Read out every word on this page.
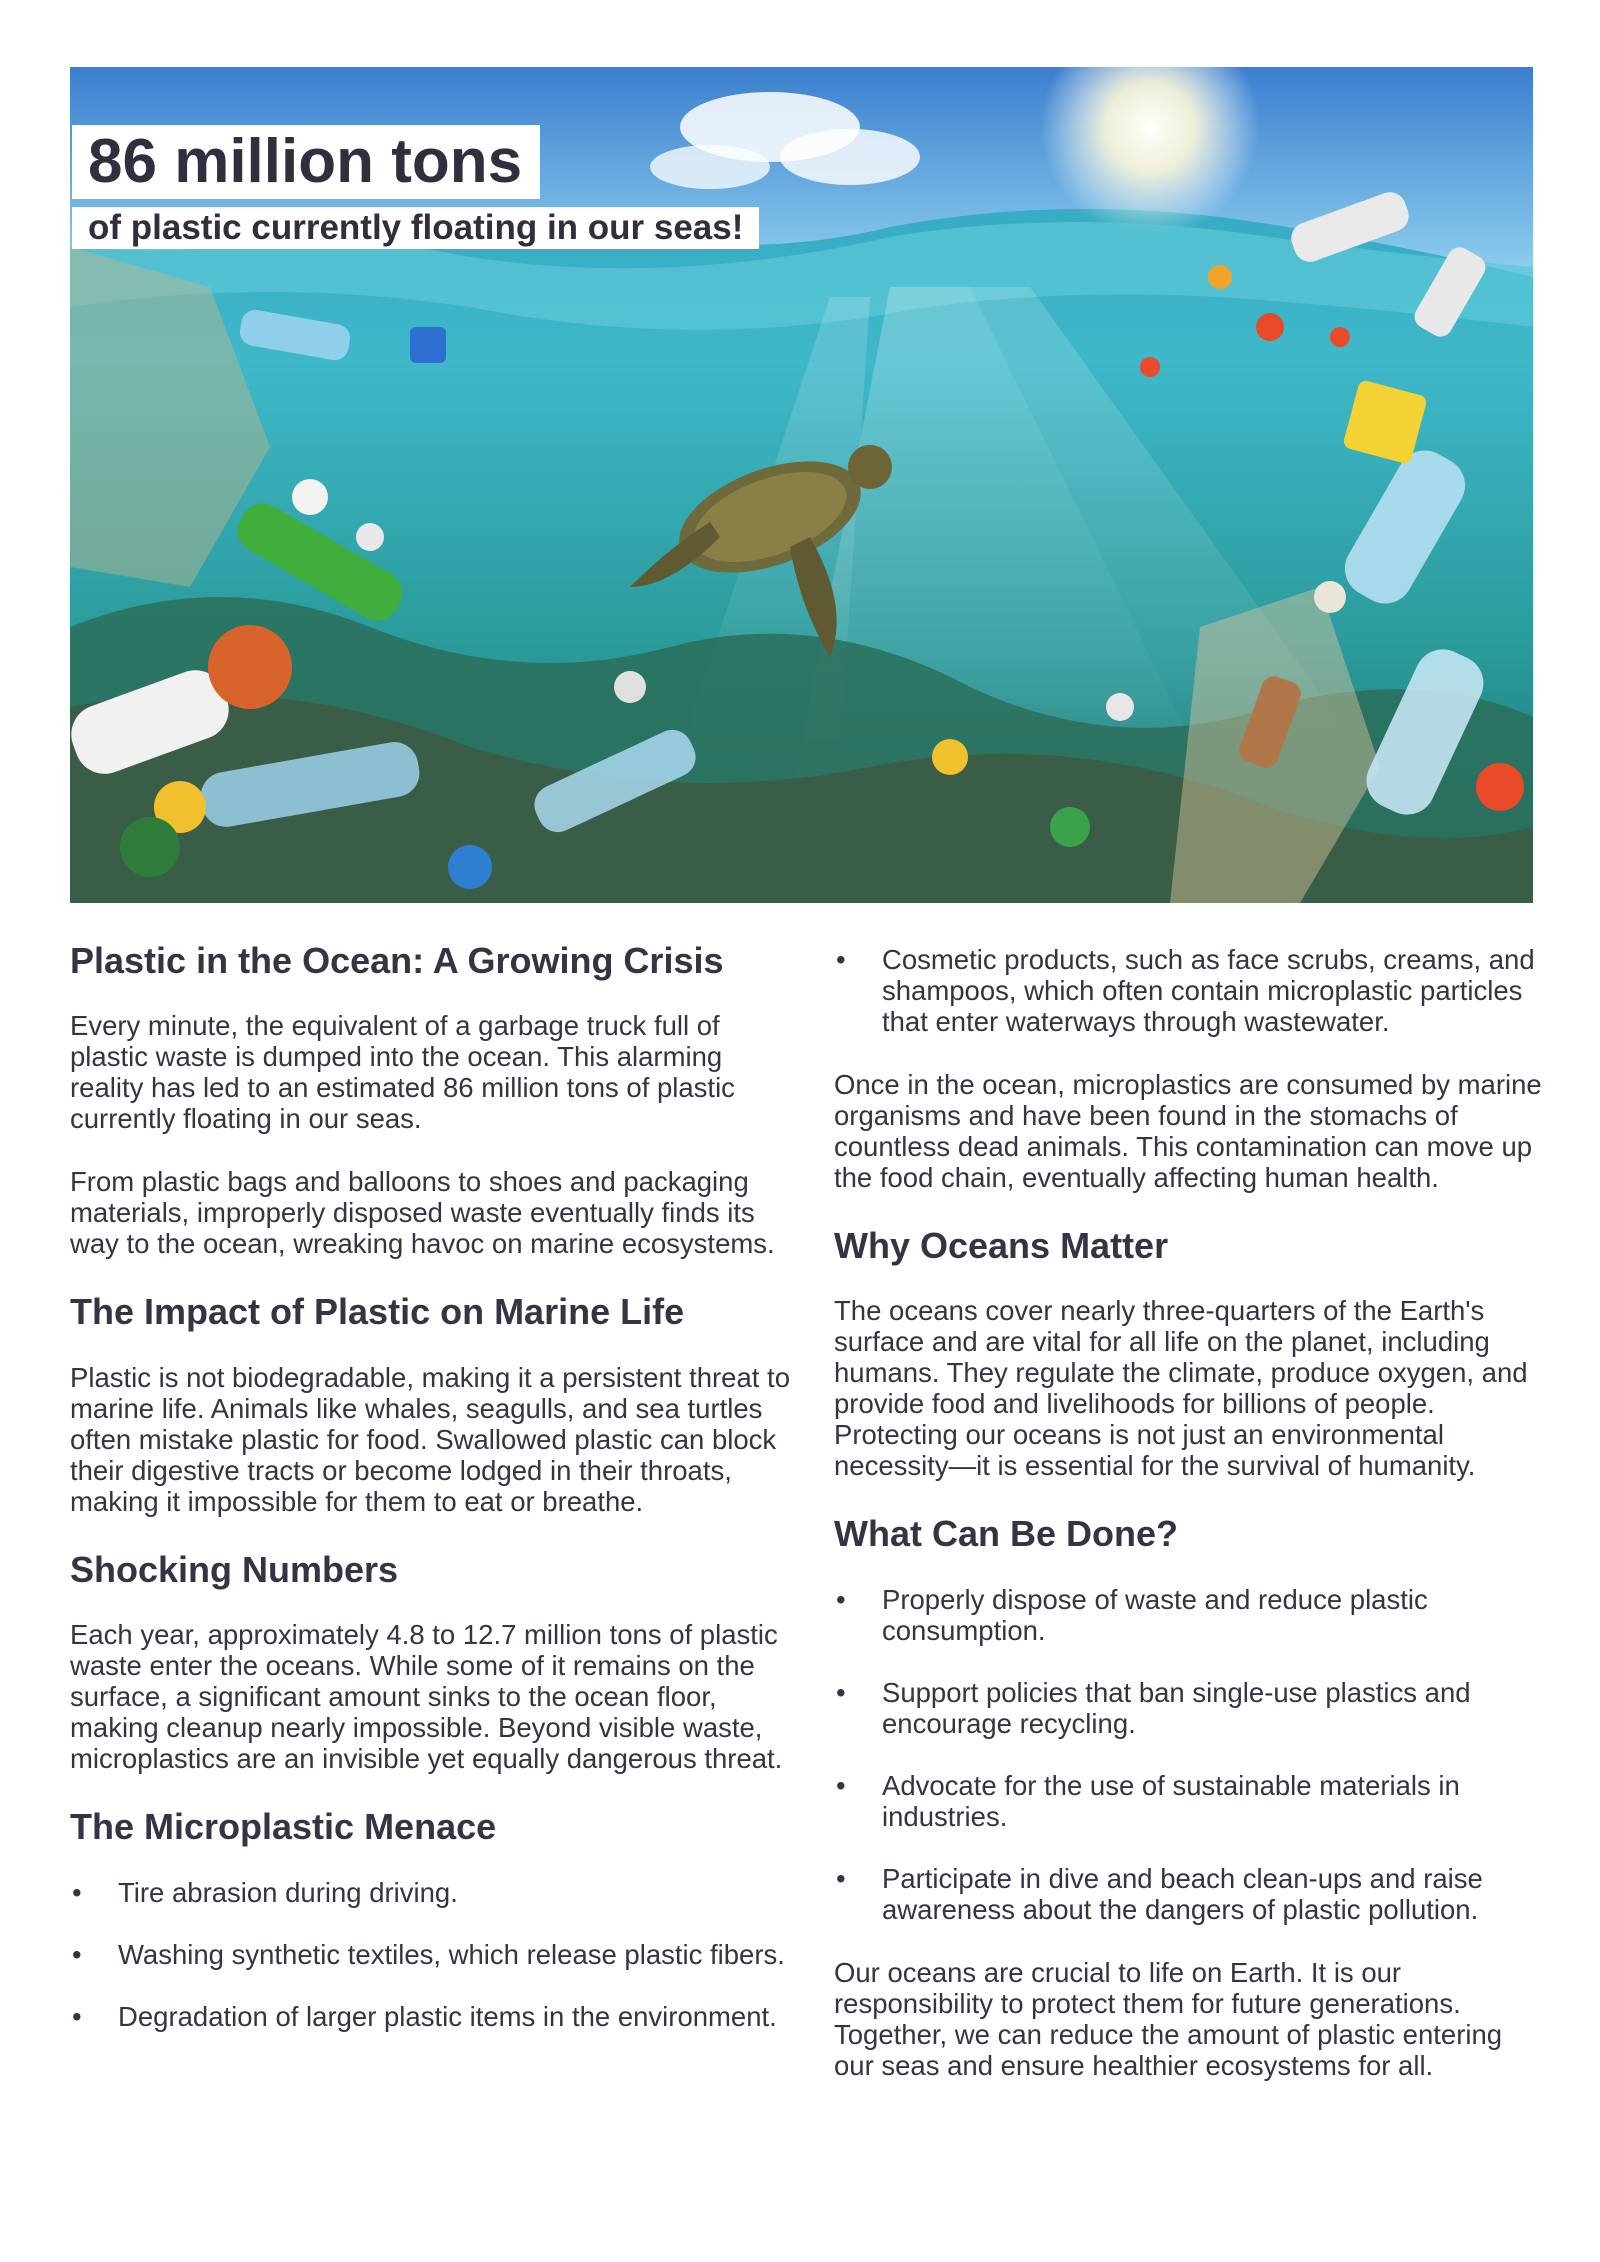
86 million tons
of plastic currently floating in our seas!
Plastic in the Ocean: A Growing Crisis

Every minute, the equivalent of a garbage truck full of plastic waste is dumped into the ocean. This alarming reality has led to an estimated 86 million tons of plastic currently floating in our seas.

From plastic bags and balloons to shoes and packaging materials, improperly disposed waste eventually finds its way to the ocean, wreaking havoc on marine ecosystems.

The Impact of Plastic on Marine Life

Plastic is not biodegradable, making it a persistent threat to marine life. Animals like whales, seagulls, and sea turtles often mistake plastic for food. Swallowed plastic can block their digestive tracts or become lodged in their throats, making it impossible for them to eat or breathe.

Shocking Numbers

Each year, approximately 4.8 to 12.7 million tons of plastic waste enter the oceans. While some of it remains on the surface, a significant amount sinks to the ocean floor, making cleanup nearly impossible. Beyond visible waste, microplastics are an invisible yet equally dangerous threat.

The Microplastic Menace
• Tire abrasion during driving.
• Washing synthetic textiles, which release plastic fibers.
• Degradation of larger plastic items in the environment.
• Cosmetic products, such as face scrubs, creams, and shampoos, which often contain microplastic particles that enter waterways through wastewater.

Once in the ocean, microplastics are consumed by marine organisms and have been found in the stomachs of countless dead animals. This contamination can move up the food chain, eventually affecting human health.

Why Oceans Matter

The oceans cover nearly three-quarters of the Earth's surface and are vital for all life on the planet, including humans. They regulate the climate, produce oxygen, and provide food and livelihoods for billions of people. Protecting our oceans is not just an environmental necessity—it is essential for the survival of humanity.

What Can Be Done?
• Properly dispose of waste and reduce plastic consumption.
• Support policies that ban single-use plastics and encourage recycling.
• Advocate for the use of sustainable materials in industries.
• Participate in dive and beach clean-ups and raise awareness about the dangers of plastic pollution.

Our oceans are crucial to life on Earth. It is our responsibility to protect them for future generations. Together, we can reduce the amount of plastic entering our seas and ensure healthier ecosystems for all.
